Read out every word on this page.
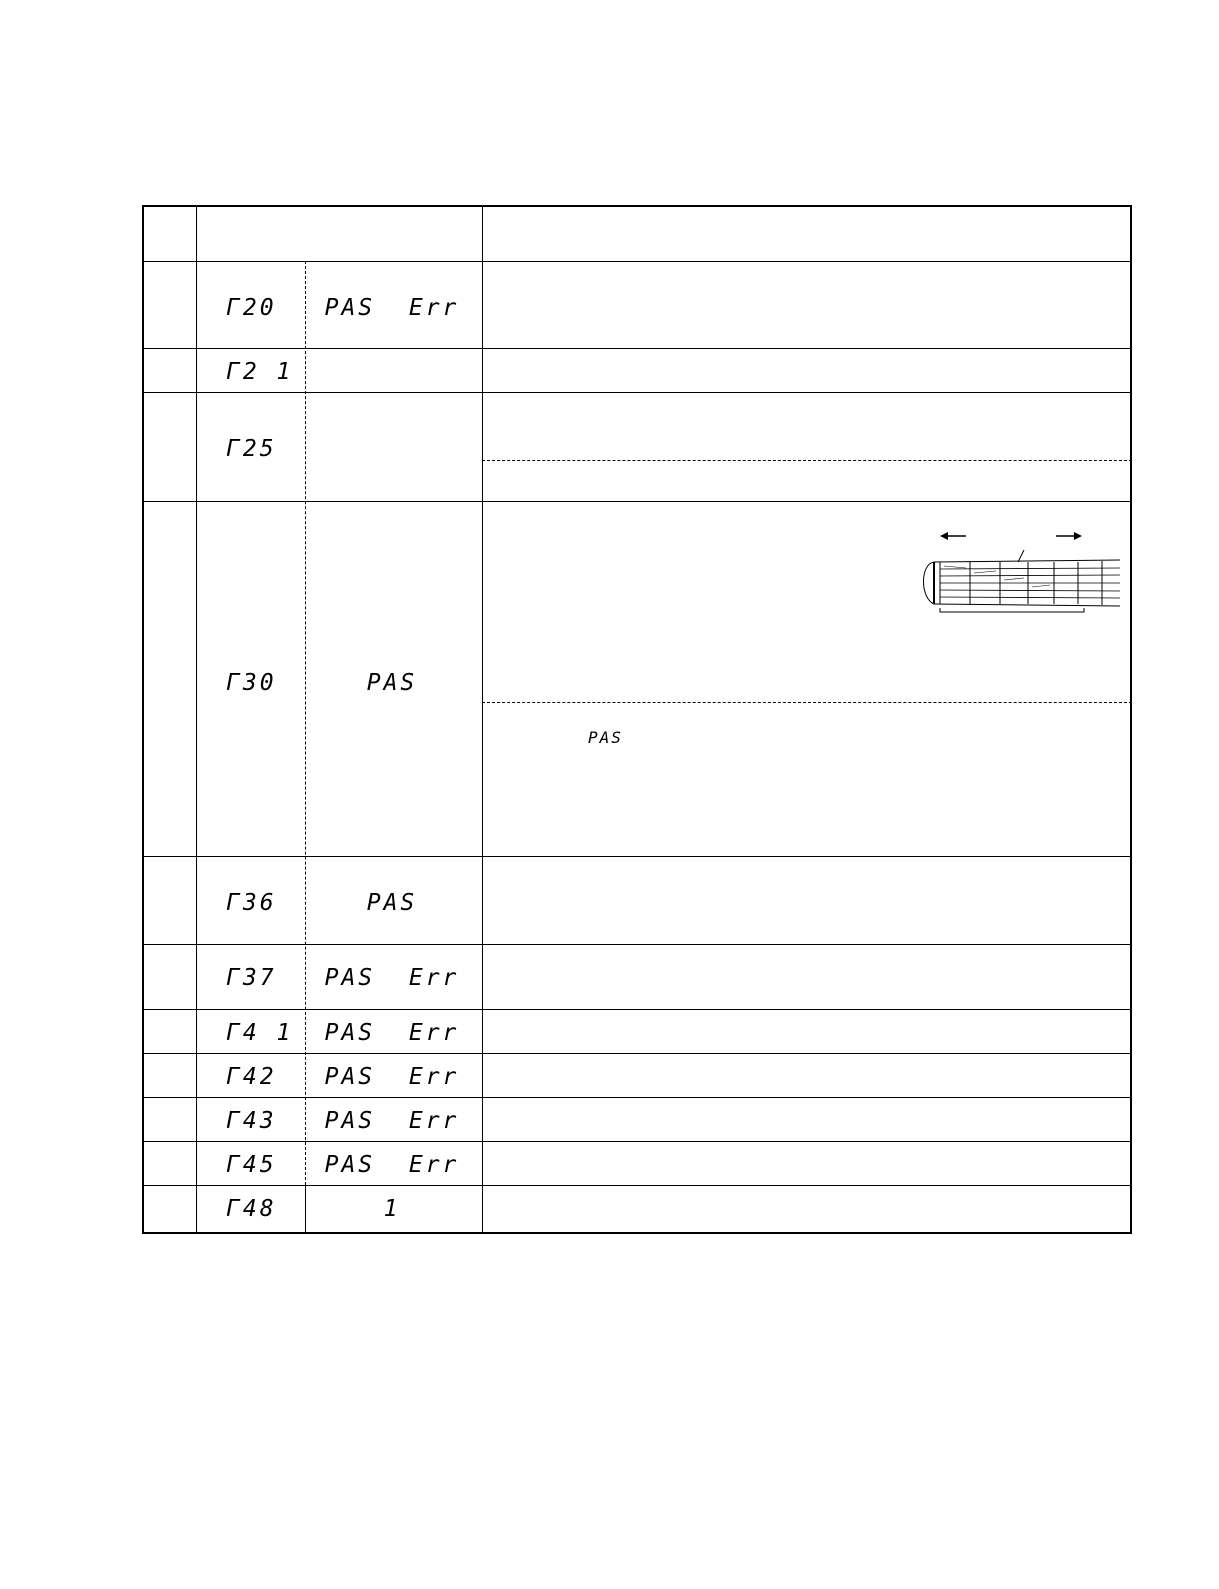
Γ20
Γ2 1
Γ25
Γ30
Γ36
Γ37
Γ4 1
Γ42
Γ43
Γ45
Γ48
PAS  Err
PAS
PAS
PAS  Err
PAS  Err
PAS  Err
PAS  Err
PAS  Err
1
PAS
